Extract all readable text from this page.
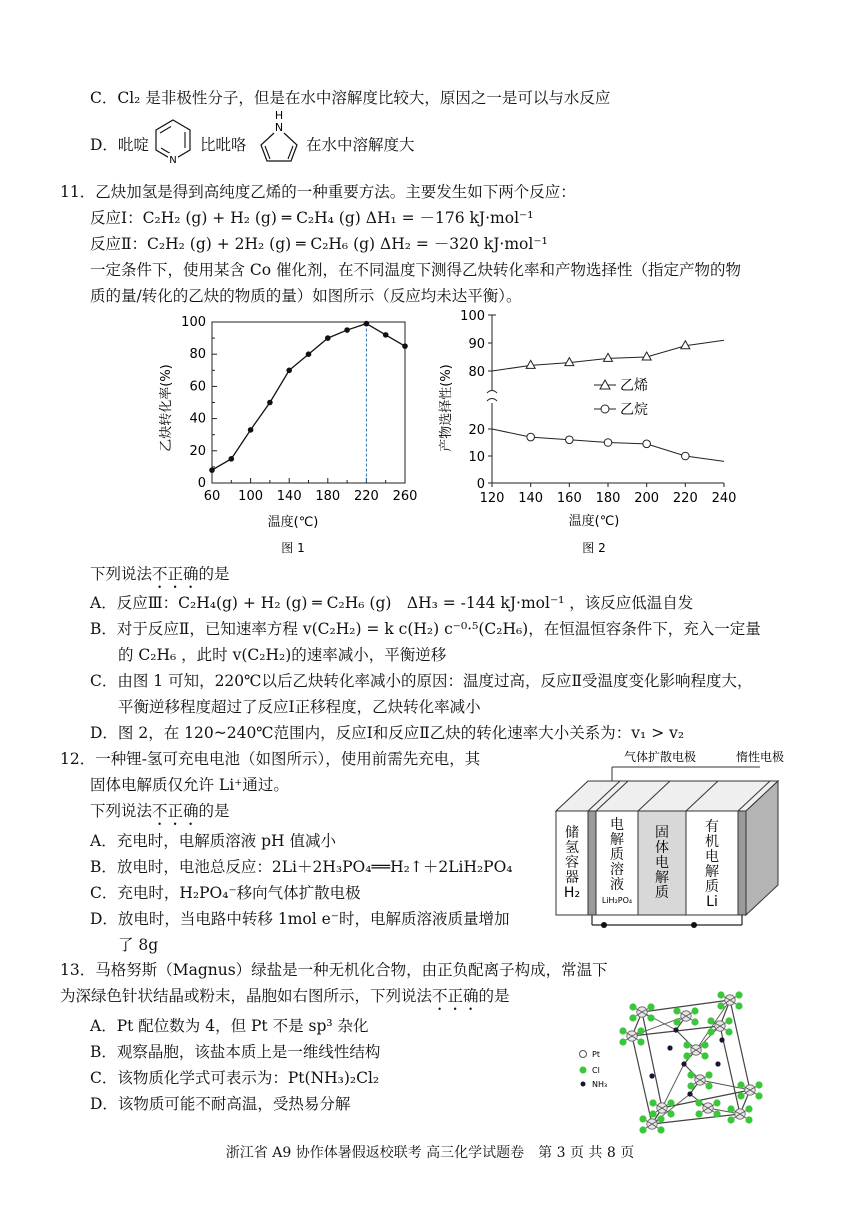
C．Cl₂ 是非极性分子，但是在水中溶解度比较大，原因之一是可以与水反应
D．吡啶
N
比吡咯
H
N
在水中溶解度大
11．乙炔加氢是得到高纯度乙烯的一种重要方法。主要发生如下两个反应：
反应Ⅰ：C₂H₂ (g) + H₂ (g) ═ C₂H₄ (g) ΔH₁ = －176 kJ·mol⁻¹
反应Ⅱ：C₂H₂ (g) + 2H₂ (g) ═ C₂H₆ (g) ΔH₂ = －320 kJ·mol⁻¹
一定条件下，使用某含 Co 催化剂，在不同温度下测得乙炔转化率和产物选择性（指定产物的物
质的量/转化的乙炔的物质的量）如图所示（反应均未达平衡）。
0
20
40
60
80
100
60 100 140 180 220 260
乙炔转化率(%)
温度(℃)
图 1
80
90
100
0
10
20
120 140 160 180 200 220 240
产物选择性(%)
温度(℃)
图 2
乙烯
乙烷
下列说法不正确的是
A．反应Ⅲ：C₂H₄(g) + H₂ (g) ═ C₂H₆ (g)　ΔH₃ = -144 kJ·mol⁻¹ ，该反应低温自发
B．对于反应Ⅱ，已知速率方程 v(C₂H₂) = k c(H₂) c⁻⁰·⁵(C₂H₆)，在恒温恒容条件下，充入一定量
的 C₂H₆ ，此时 v(C₂H₂)的速率减小，平衡逆移
C．由图 1 可知，220℃以后乙炔转化率减小的原因：温度过高，反应Ⅱ受温度变化影响程度大，
平衡逆移程度超过了反应Ⅰ正移程度，乙炔转化率减小
D．图 2，在 120~240℃范围内，反应Ⅰ和反应Ⅱ乙炔的转化速率大小关系为：v₁ > v₂
12．一种锂-氢可充电电池（如图所示），使用前需先充电，其
固体电解质仅允许 Li⁺通过。
下列说法不正确的是
A．充电时，电解质溶液 pH 值减小
B．放电时，电池总反应：2Li＋2H₃PO₄══H₂↑＋2LiH₂PO₄
C．充电时，H₂PO₄⁻移向气体扩散电极
D．放电时，当电路中转移 1mol e⁻时，电解质溶液质量增加
了 8g
气体扩散电极	惰性电极
储
氢
容
器
H₂
电
解
质
溶
液
固
体
电
解
质
有
机
电
解
质
Li
LiH₂PO₄
13．马格努斯（Magnus）绿盐是一种无机化合物，由正负配离子构成，常温下
为深绿色针状结晶或粉末，晶胞如右图所示，下列说法不正确的是
A．Pt 配位数为 4，但 Pt 不是 sp³ 杂化
B．观察晶胞，该盐本质上是一维线性结构
C．该物质化学式可表示为：Pt(NH₃)₂Cl₂
D．该物质可能不耐高温，受热易分解
Pt
Cl
NH₃
浙江省 A9 协作体暑假返校联考 高三化学试题卷　第 3 页 共 8 页
